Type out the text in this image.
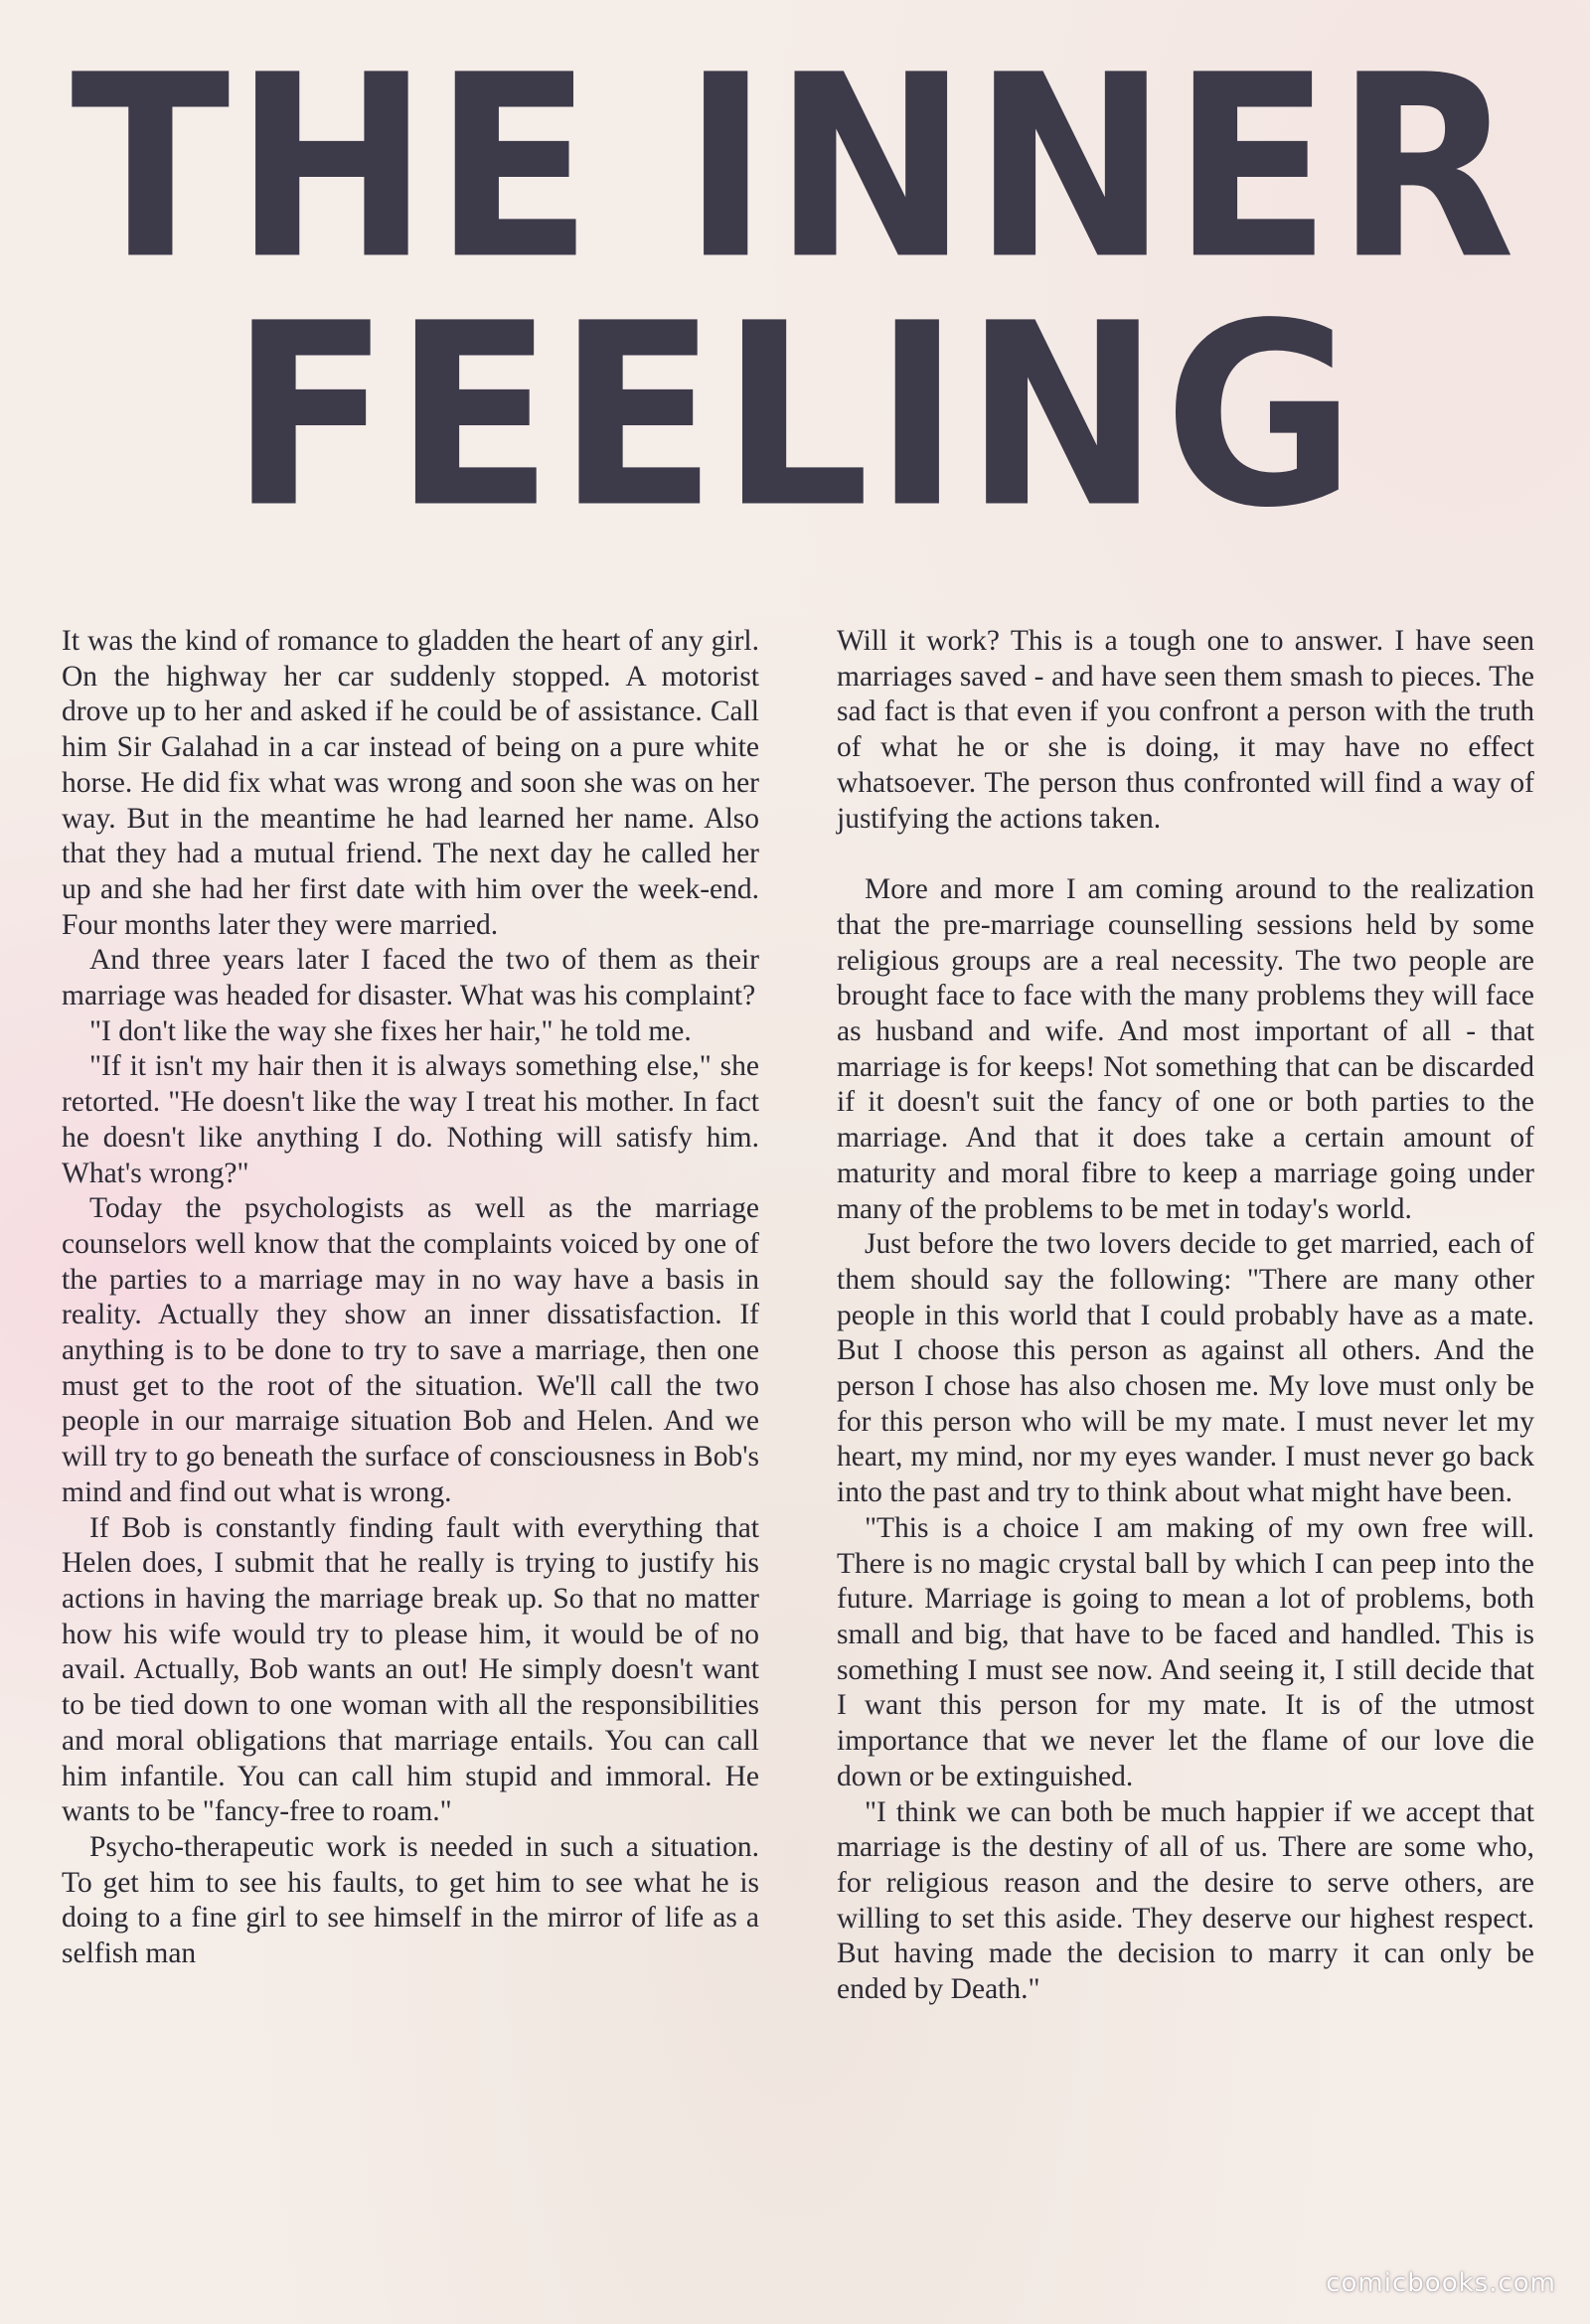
THE INNER
FEELING

It was the kind of romance to gladden the heart of any girl. On the highway her car suddenly stopped. A motorist drove up to her and asked if he could be of assistance. Call him Sir Galahad in a car instead of being on a pure white horse. He did fix what was wrong and soon she was on her way. But in the meantime he had learned her name. Also that they had a mutual friend. The next day he called her up and she had her first date with him over the week-end. Four months later they were married.

And three years later I faced the two of them as their marriage was headed for disaster. What was his complaint?

"I don't like the way she fixes her hair," he told me.

"If it isn't my hair then it is always something else," she retorted. "He doesn't like the way I treat his mother. In fact he doesn't like anything I do. Nothing will satisfy him. What's wrong?"

Today the psychologists as well as the marriage counselors well know that the complaints voiced by one of the parties to a marriage may in no way have a basis in reality. Actually they show an inner dissatisfaction. If anything is to be done to try to save a marriage, then one must get to the root of the situation. We'll call the two people in our marraige situation Bob and Helen. And we will try to go beneath the surface of consciousness in Bob's mind and find out what is wrong.

If Bob is constantly finding fault with everything that Helen does, I submit that he really is trying to justify his actions in having the marriage break up. So that no matter how his wife would try to please him, it would be of no avail. Actually, Bob wants an out! He simply doesn't want to be tied down to one woman with all the responsibilities and moral obligations that marriage entails. You can call him infantile. You can call him stupid and immoral. He wants to be "fancy-free to roam."

Psycho-therapeutic work is needed in such a situation. To get him to see his faults, to get him to see what he is doing to a fine girl to see himself in the mirror of life as a selfish man

Will it work? This is a tough one to answer. I have seen marriages saved - and have seen them smash to pieces. The sad fact is that even if you confront a person with the truth of what he or she is doing, it may have no effect whatsoever. The person thus confronted will find a way of justifying the actions taken.

More and more I am coming around to the realization that the pre-marriage counselling sessions held by some religious groups are a real necessity. The two people are brought face to face with the many problems they will face as husband and wife. And most important of all - that marriage is for keeps! Not something that can be discarded if it doesn't suit the fancy of one or both parties to the marriage. And that it does take a certain amount of maturity and moral fibre to keep a marriage going under many of the problems to be met in today's world.

Just before the two lovers decide to get married, each of them should say the following: "There are many other people in this world that I could probably have as a mate. But I choose this person as against all others. And the person I chose has also chosen me. My love must only be for this person who will be my mate. I must never let my heart, my mind, nor my eyes wander. I must never go back into the past and try to think about what might have been.

"This is a choice I am making of my own free will. There is no magic crystal ball by which I can peep into the future. Marriage is going to mean a lot of problems, both small and big, that have to be faced and handled. This is something I must see now. And seeing it, I still decide that I want this person for my mate. It is of the utmost importance that we never let the flame of our love die down or be extinguished.

"I think we can both be much happier if we accept that marriage is the destiny of all of us. There are some who, for religious reason and the desire to serve others, are willing to set this aside. They deserve our highest respect. But having made the decision to marry it can only be ended by Death."

comicbooks.com
